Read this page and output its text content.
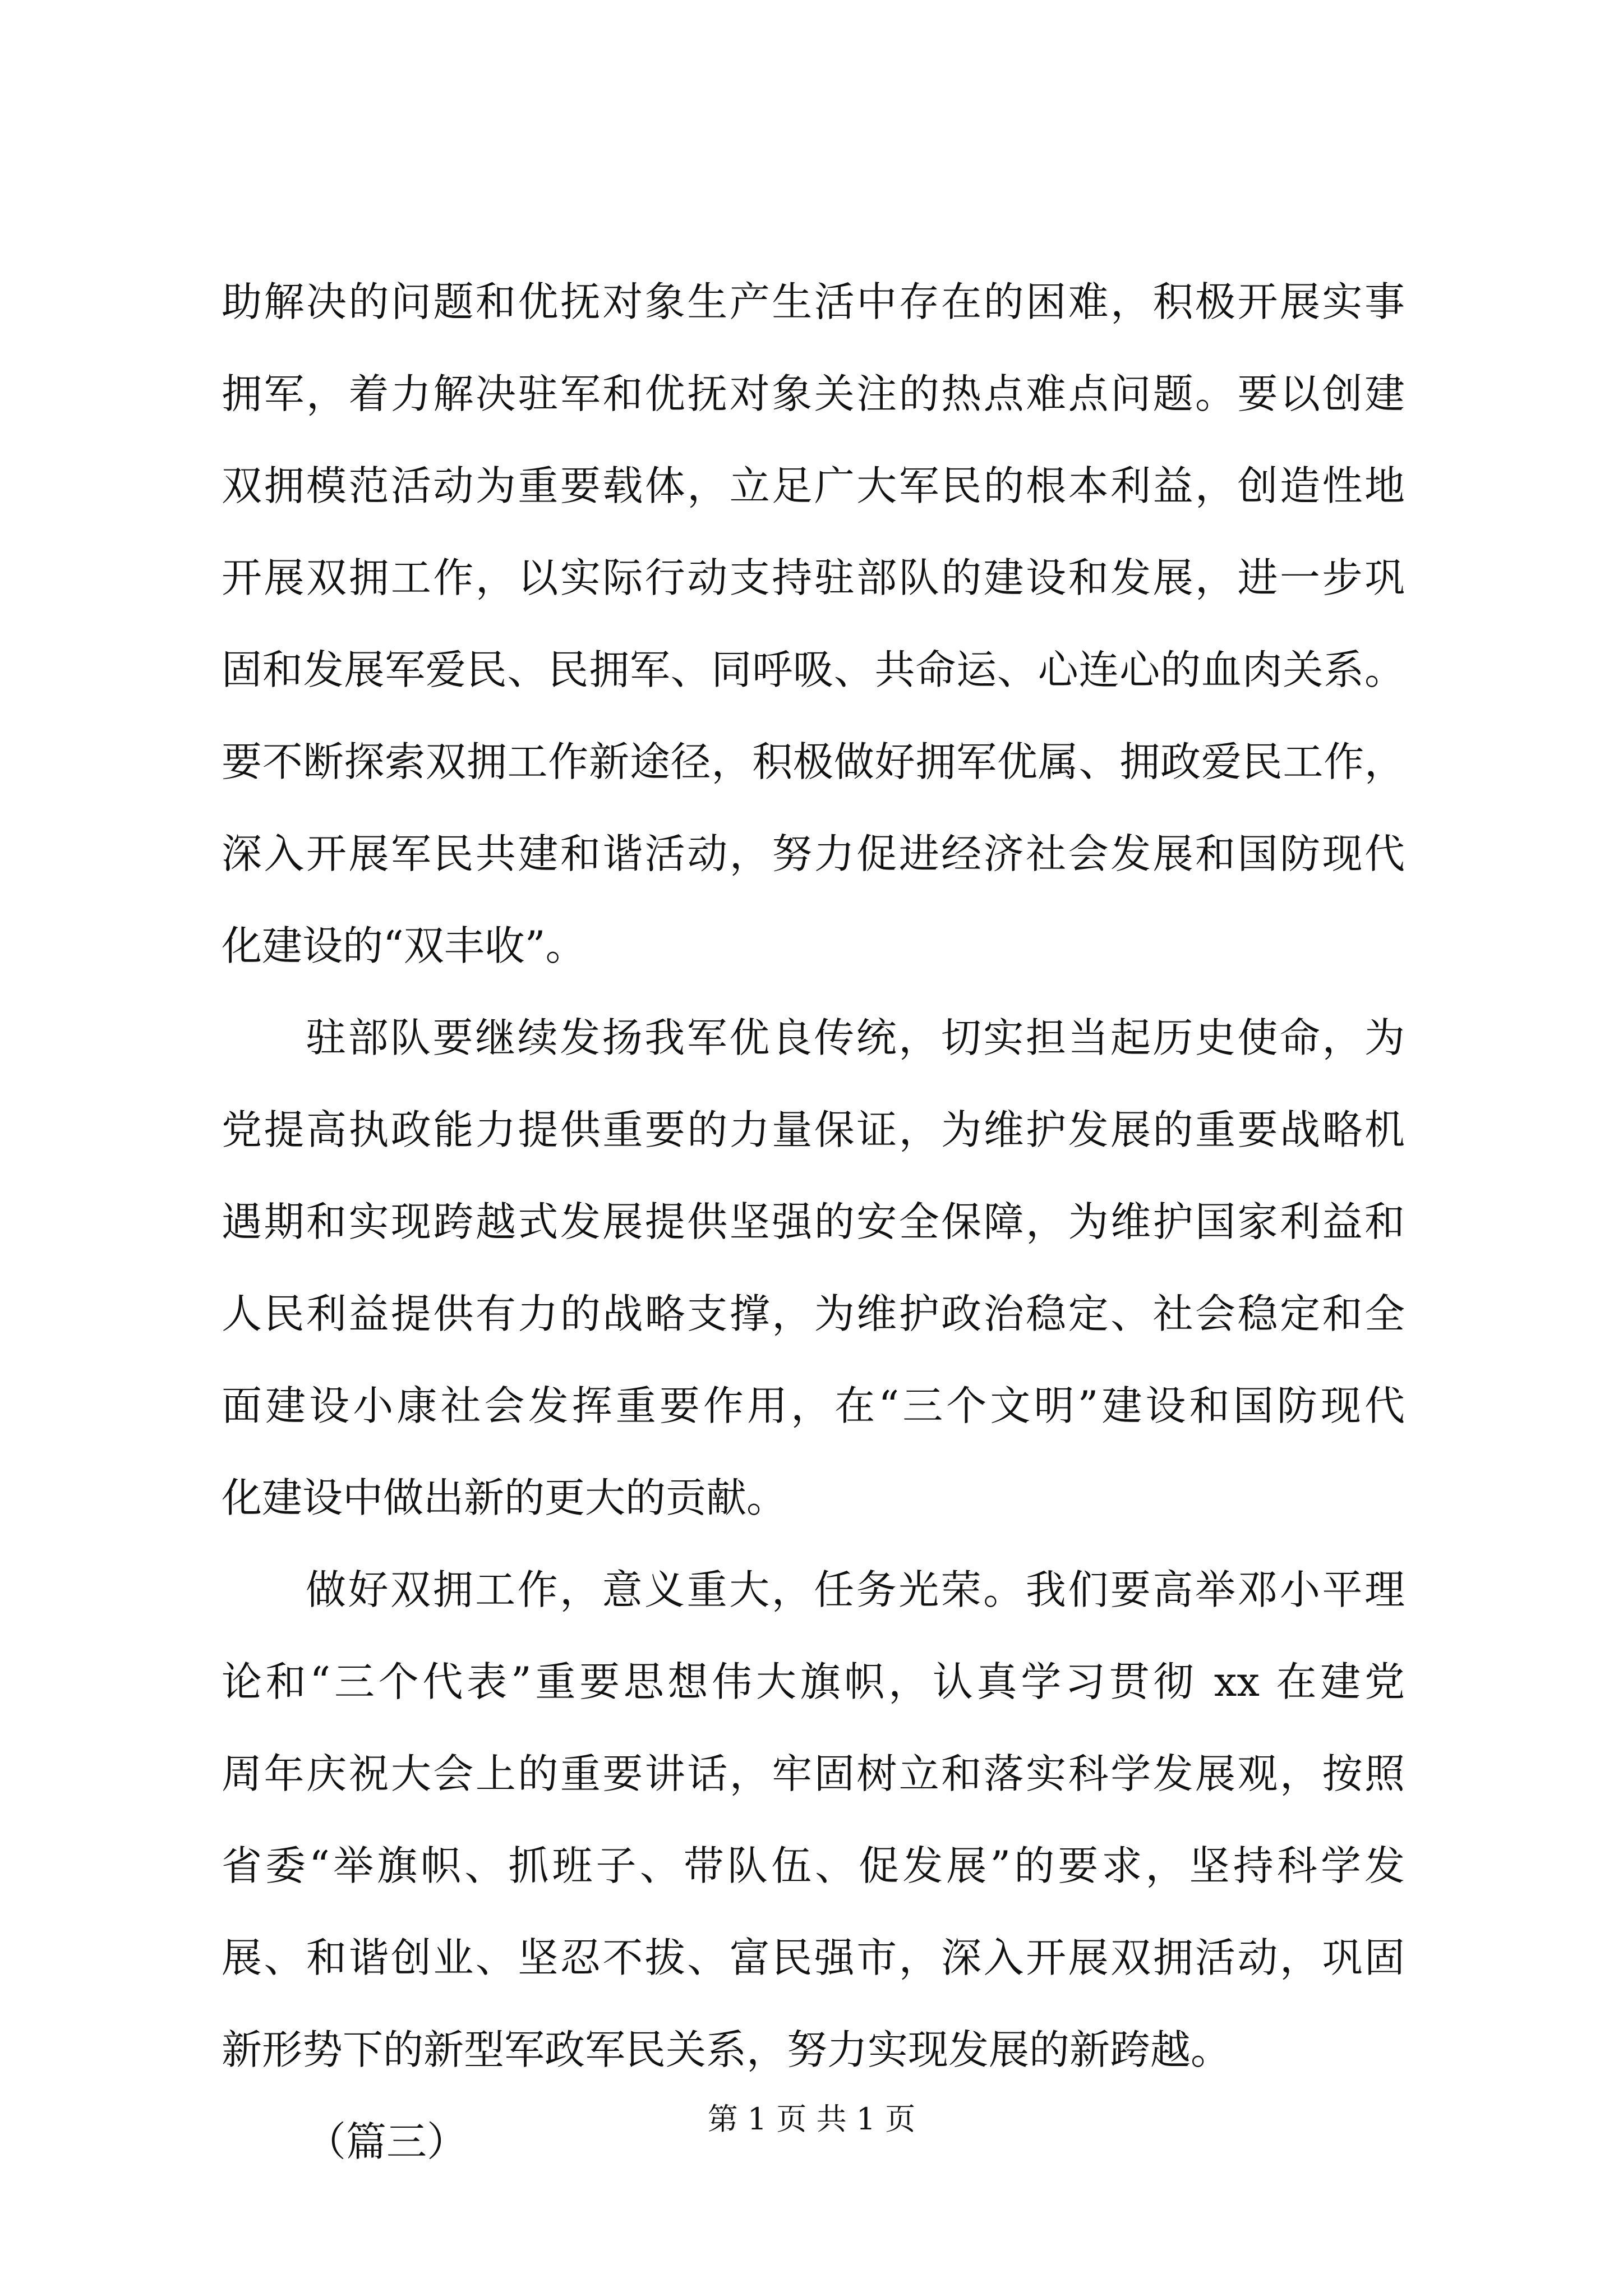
助解决的问题和优抚对象生产生活中存在的困难，积极开展实事
拥军，着力解决驻军和优抚对象关注的热点难点问题。要以创建
双拥模范活动为重要载体，立足广大军民的根本利益，创造性地
开展双拥工作，以实际行动支持驻部队的建设和发展，进一步巩
固和发展军爱民、民拥军、同呼吸、共命运、心连心的血肉关系。
要不断探索双拥工作新途径，积极做好拥军优属、拥政爱民工作，
深入开展军民共建和谐活动，努力促进经济社会发展和国防现代
化建设的“双丰收”。
驻部队要继续发扬我军优良传统，切实担当起历史使命，为
党提高执政能力提供重要的力量保证，为维护发展的重要战略机
遇期和实现跨越式发展提供坚强的安全保障，为维护国家利益和
人民利益提供有力的战略支撑，为维护政治稳定、社会稳定和全
面建设小康社会发挥重要作用，在“三个文明”建设和国防现代
化建设中做出新的更大的贡献。
做好双拥工作，意义重大，任务光荣。我们要高举邓小平理
论和“三个代表”重要思想伟大旗帜，认真学习贯彻 xx 在建党
周年庆祝大会上的重要讲话，牢固树立和落实科学发展观，按照
省委“举旗帜、抓班子、带队伍、促发展”的要求，坚持科学发
展、和谐创业、坚忍不拔、富民强市，深入开展双拥活动，巩固
新形势下的新型军政军民关系，努力实现发展的新跨越。
（篇三）	第 1 页 共 1 页
